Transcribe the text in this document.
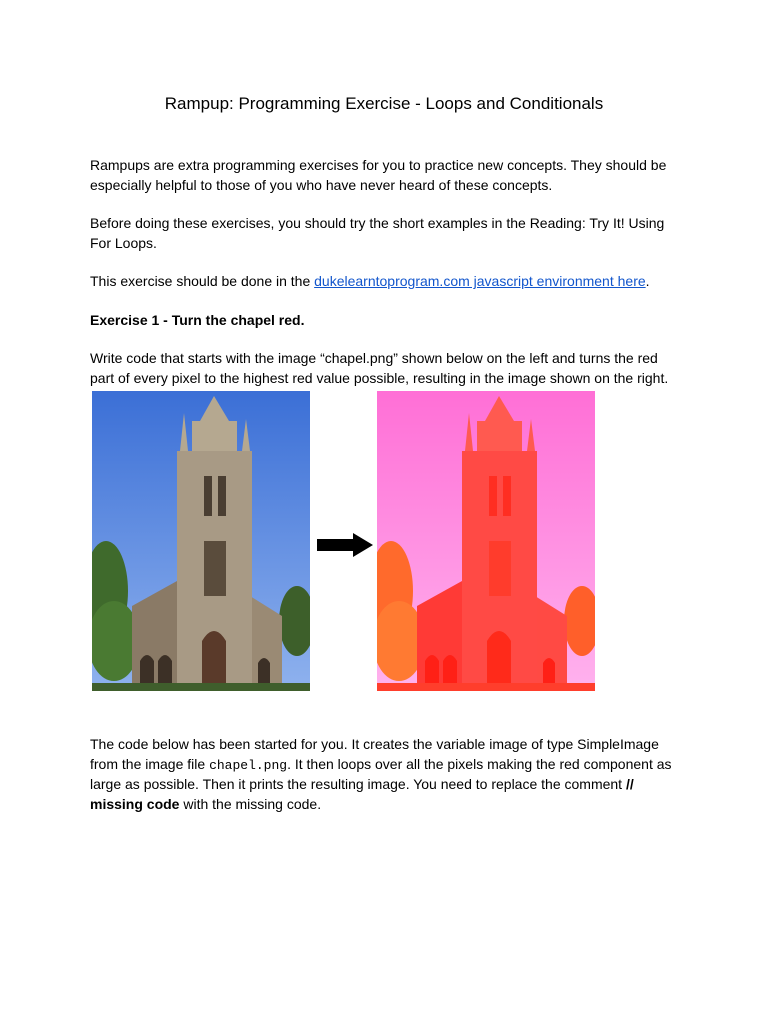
Rampup: Programming Exercise - Loops and Conditionals
Rampups are extra programming exercises for you to practice new concepts. They should be
especially helpful to those of you who have never heard of these concepts.
Before doing these exercises, you should try the short examples in the Reading: Try It! Using
For Loops.
This exercise should be done in the dukelearntoprogram.com javascript environment here.
Exercise 1 - Turn the chapel red.
Write code that starts with the image “chapel.png” shown below on the left and turns the red
part of every pixel to the highest red value possible, resulting in the image shown on the right.
The code below has been started for you. It creates the variable image of type SimpleImage
from the image file chapel.png. It then loops over all the pixels making the red component as
large as possible. Then it prints the resulting image. You need to replace the comment //
missing code with the missing code.
